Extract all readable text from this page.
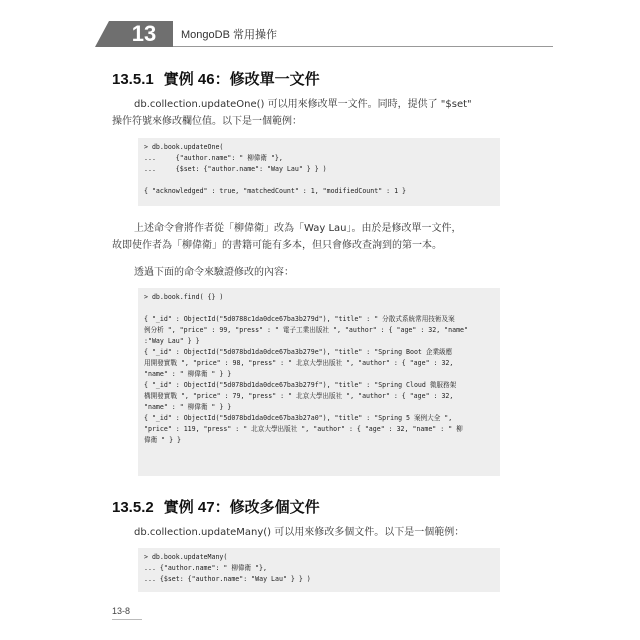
13	MongoDB 常用操作
13.5.1 實例 46：修改單一文件
db.collection.updateOne() 可以用來修改單一文件。同時，提供了 "$set"
操作符號來修改欄位值。以下是一個範例：
> db.book.updateOne(
...     {"author.name": " 柳偉衛 "},
...     {$set: {"author.name": "Way Lau" } } )
{ "acknowledged" : true, "matchedCount" : 1, "modifiedCount" : 1 }
上述命令會將作者從「柳偉衛」改為「Way Lau」。由於是修改單一文件，
故即使作者為「柳偉衛」的書籍可能有多本，但只會修改查詢到的第一本。
透過下面的命令來驗證修改的內容：
> db.book.find( {} )
{ "_id" : ObjectId("5d0788c1da0dce67ba3b279d"), "title" : " 分散式系統常用技術及案
例分析 ", "price" : 99, "press" : " 電子工業出版社 ", "author" : { "age" : 32, "name"
:"Way Lau" } }
{ "_id" : ObjectId("5d078bd1da0dce67ba3b279e"), "title" : "Spring Boot 企業級應
用開發實戰 ", "price" : 98, "press" : " 北京大學出版社 ", "author" : { "age" : 32,
"name" : " 柳偉衛 " } }
{ "_id" : ObjectId("5d078bd1da0dce67ba3b279f"), "title" : "Spring Cloud 微服務架
構開發實戰 ", "price" : 79, "press" : " 北京大學出版社 ", "author" : { "age" : 32,
"name" : " 柳偉衛 " } }
{ "_id" : ObjectId("5d078bd1da0dce67ba3b27a0"), "title" : "Spring 5 案例大全 ",
"price" : 119, "press" : " 北京大學出版社 ", "author" : { "age" : 32, "name" : " 柳
偉衛 " } }
13.5.2 實例 47：修改多個文件
db.collection.updateMany() 可以用來修改多個文件。以下是一個範例：
> db.book.updateMany(
... {"author.name": " 柳偉衛 "},
... {$set: {"author.name": "Way Lau" } } )
13-8
